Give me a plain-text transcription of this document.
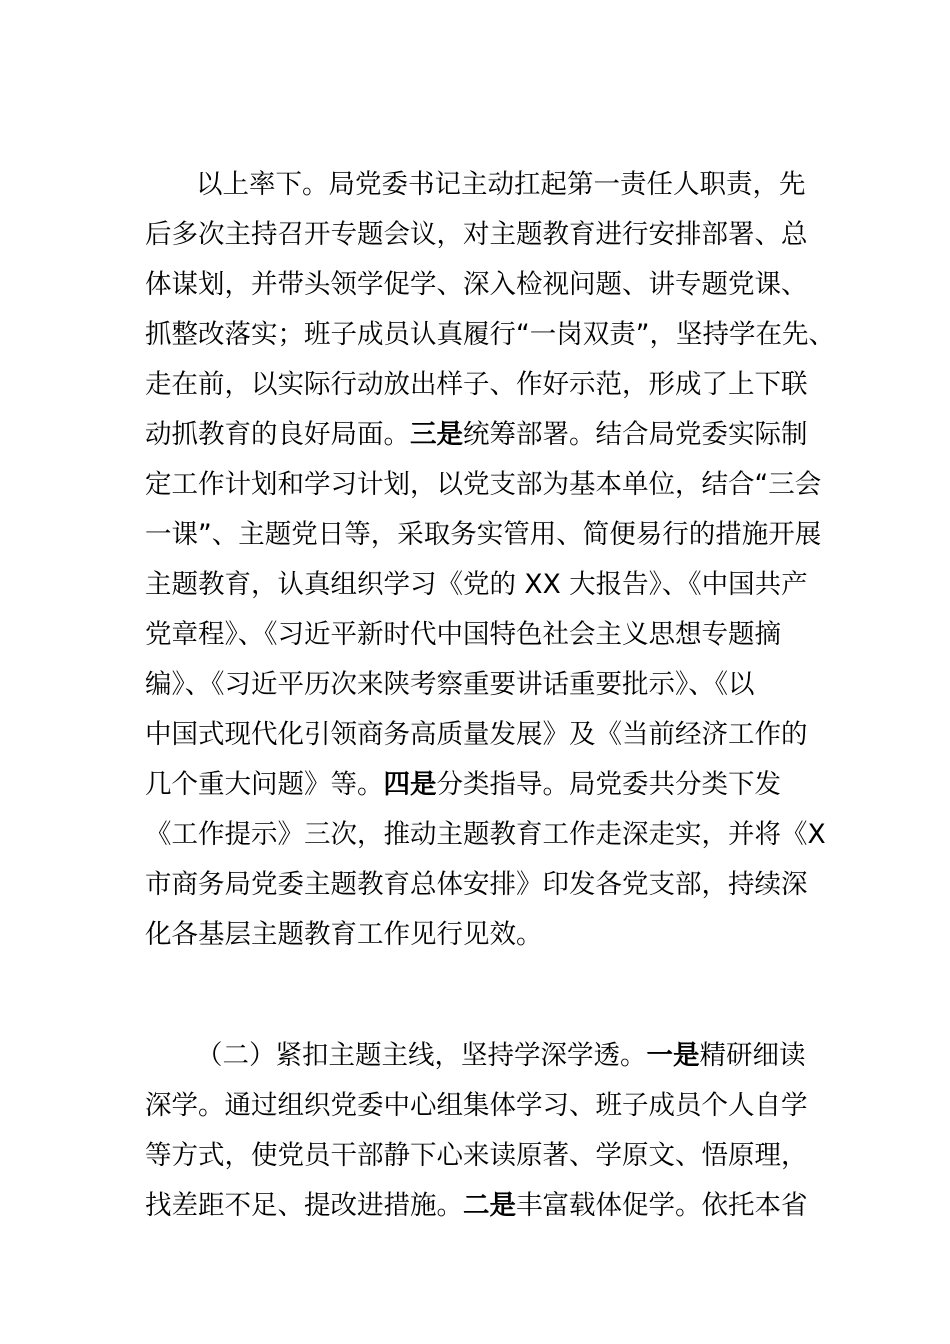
以上率下。局党委书记主动扛起第一责任人职责，先
后多次主持召开专题会议，对主题教育进行安排部署、总
体谋划，并带头领学促学、深入检视问题、讲专题党课、
抓整改落实；班子成员认真履行“一岗双责”，坚持学在先、
走在前，以实际行动放出样子、作好示范，形成了上下联
动抓教育的良好局面。三是统筹部署。结合局党委实际制
定工作计划和学习计划，以党支部为基本单位，结合“三会
一课”、主题党日等，采取务实管用、简便易行的措施开展
主题教育，认真组织学习《党的 XX 大报告》、《中国共产
党章程》、《习近平新时代中国特色社会主义思想专题摘
编》、《习近平历次来陕考察重要讲话重要批示》、《以
中国式现代化引领商务高质量发展》及《当前经济工作的
几个重大问题》等。四是分类指导。局党委共分类下发
《工作提示》三次，推动主题教育工作走深走实，并将《X
市商务局党委主题教育总体安排》印发各党支部，持续深
化各基层主题教育工作见行见效。
（二）紧扣主题主线，坚持学深学透。一是精研细读
深学。通过组织党委中心组集体学习、班子成员个人自学
等方式，使党员干部静下心来读原著、学原文、悟原理，
找差距不足、提改进措施。二是丰富载体促学。依托本省
